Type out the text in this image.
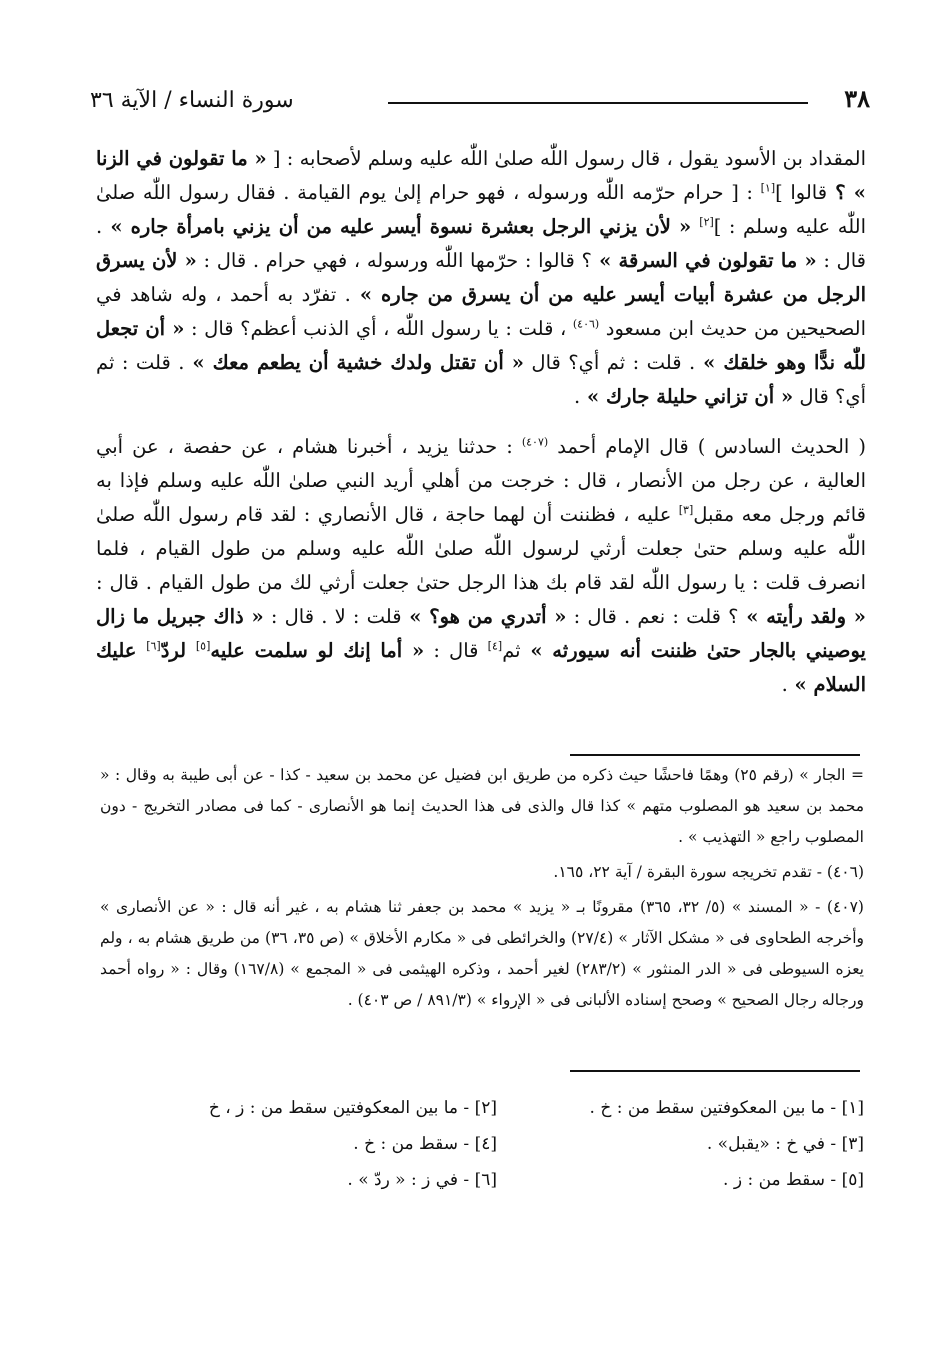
٣٨
سورة النساء / الآية ٣٦

المقداد بن الأسود يقول ، قال رسول اللّٰه صلىٰ اللّٰه عليه وسلم لأصحابه : [ « ما تقولون في الزنا » ؟ قالوا ][١] : [ حرام حرّمه اللّٰه ورسوله ، فهو حرام إلىٰ يوم القيامة . فقال رسول اللّٰه صلىٰ اللّٰه عليه وسلم : ][٢] « لأن يزني الرجل بعشرة نسوة أيسر عليه من أن يزني بامرأة جاره » . قال : « ما تقولون في السرقة » ؟ قالوا : حرّمها اللّٰه ورسوله ، فهي حرام . قال : « لأن يسرق الرجل من عشرة أبيات أيسر عليه من أن يسرق من جاره » . تفرّد به أحمد ، وله شاهد في الصحيحين من حديث ابن مسعود $^{(٤٠٦)}$ ، قلت : يا رسول اللّٰه ، أي الذنب أعظم؟ قال : « أن تجعل للّٰه ندًّا وهو خلقك » . قلت : ثم أي؟ قال « أن تقتل ولدك خشية أن يطعم معك » . قلت : ثم أي؟ قال « أن تزاني حليلة جارك » .

( الحديث السادس ) قال الإمام أحمد $^{(٤٠٧)}$ : حدثنا يزيد ، أخبرنا هشام ، عن حفصة ، عن أبي العالية ، عن رجل من الأنصار ، قال : خرجت من أهلي أريد النبي صلىٰ اللّٰه عليه وسلم فإذا به قائم ورجل معه مقبل[٣] عليه ، فظننت أن لهما حاجة ، قال الأنصاري : لقد قام رسول اللّٰه صلىٰ اللّٰه عليه وسلم حتىٰ جعلت أرثي لرسول اللّٰه صلىٰ اللّٰه عليه وسلم من طول القيام ، فلما انصرف قلت : يا رسول اللّٰه لقد قام بك هذا الرجل حتىٰ جعلت أرثي لك من طول القيام . قال : « ولقد رأيته » ؟ قلت : نعم . قال : « أتدري من هو؟ » قلت : لا . قال : « ذاك جبريل ما زال يوصيني بالجار حتىٰ ظننت أنه سيورثه » ثم[٤] قال : « أما إنك لو سلمت عليه[٥] لردّ[٦] عليك السلام » .

= الجار » (رقم ٢٥) وهمًا فاحشًا حيث ذكره من طريق ابن فضيل عن محمد بن سعيد - كذا - عن أبى طيبة به وقال : « محمد بن سعيد هو المصلوب متهم » كذا قال والذى فى هذا الحديث إنما هو الأنصارى - كما فى مصادر التخريج - دون المصلوب راجع « التهذيب » .

(٤٠٦) - تقدم تخريجه سورة البقرة / آية ٢٢، ١٦٥.

(٤٠٧) - « المسند » (٥/ ٣٢، ٣٦٥) مقرونًا بـ « يزيد » محمد بن جعفر ثنا هشام به ، غير أنه قال : « عن الأنصارى » وأخرجه الطحاوى فى « مشكل الآثار » (٢٧/٤) والخرائطى فى « مكارم الأخلاق » (ص ٣٥، ٣٦) من طريق هشام به ، ولم يعزه السيوطى فى « الدر المنثور » (٢٨٣/٢) لغير أحمد ، وذكره الهيثمى فى « المجمع » (١٦٧/٨) وقال : « رواه أحمد ورجاله رجال الصحيح » وصحح إسناده الألبانى فى « الإرواء » (٨٩١/٣ / ص ٤٠٣) .

[١] - ما بين المعكوفتين سقط من : خ .
[٢] - ما بين المعكوفتين سقط من : ز ، خ
[٣] - في خ : «يقبل» .
[٤] - سقط من : خ .
[٥] - سقط من : ز .
[٦] - في ز : « ردّ » .
